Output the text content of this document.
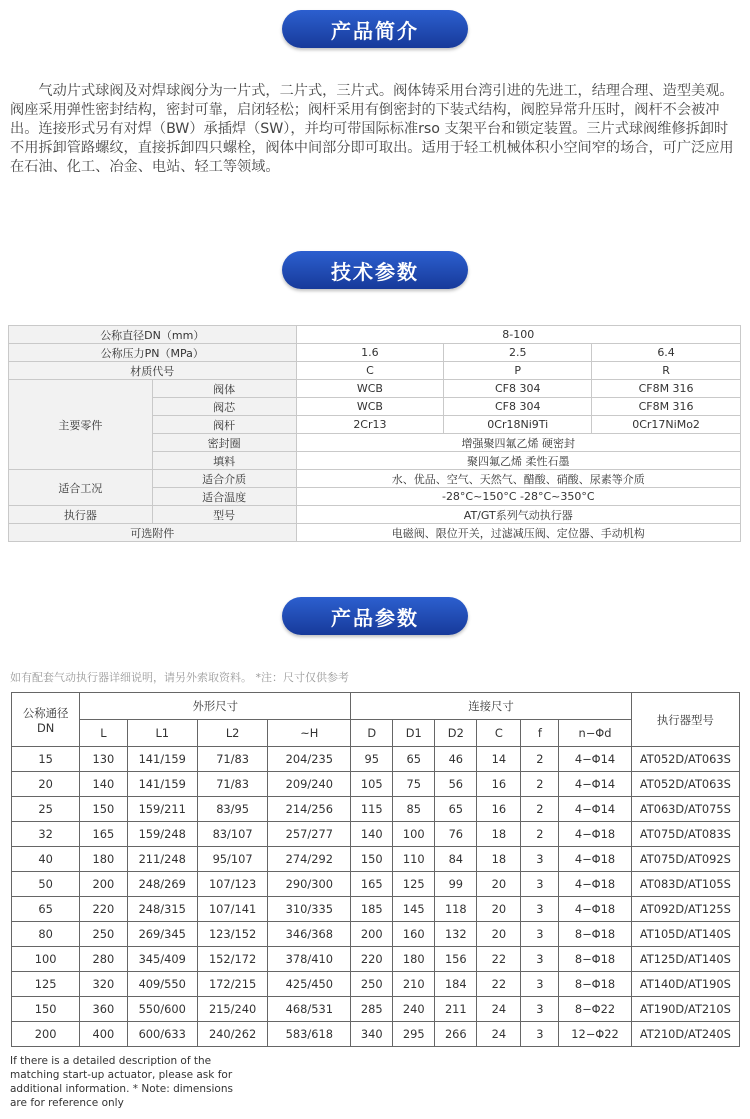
产品简介
气动片式球阀及对焊球阀分为一片式，二片式，三片式。阀体铸采用台湾引进的先进工，结理合理、造型美观。阀座采用弹性密封结构，密封可靠，启闭轻松；阀杆采用有倒密封的下装式结构，阀腔异常升压时，阀杆不会被冲出。连接形式另有对焊（BW）承插焊（SW），并均可带国际标准rso 支架平台和锁定装置。三片式球阀维修拆卸时不用拆卸管路螺纹，直接拆卸四只螺栓，阀体中间部分即可取出。适用于轻工机械体积小空间窄的场合，可广泛应用在石油、化工、冶金、电站、轻工等领域。
技术参数
公称直径DN（mm）		8-100		
公称压力PN（MPa）		1.6	2.5	6.4
材质代号		C	P	R
主要零件	阀体	WCB	CF8 304	CF8M 316
	阀芯	WCB	CF8 304	CF8M 316
	阀杆	2Cr13	0Cr18Ni9Ti	0Cr17NiMo2
	密封圈	增强聚四氟乙烯 硬密封		
	填料	聚四氟乙烯 柔性石墨		
适合工况	适合介质	水、优品、空气、天然气、醋酸、硝酸、尿素等介质		
	适合温度	-28°C~150°C -28°C~350°C		
执行器	型号	AT/GT系列气动执行器		
可选附件		电磁阀、限位开关，过滤减压阀、定位器、手动机构		
产品参数
如有配套气动执行器详细说明，请另外索取资料。 *注：尺寸仅供参考
公称通径
DN	外形尺寸				连接尺寸						执行器型号
	L	L1	L2	~H	D	D1	D2	C	f	n−Φd	
15	130	141/159	71/83	204/235	95	65	46	14	2	4−Φ14	AT052D/AT063S
20	140	141/159	71/83	209/240	105	75	56	16	2	4−Φ14	AT052D/AT063S
25	150	159/211	83/95	214/256	115	85	65	16	2	4−Φ14	AT063D/AT075S
32	165	159/248	83/107	257/277	140	100	76	18	2	4−Φ18	AT075D/AT083S
40	180	211/248	95/107	274/292	150	110	84	18	3	4−Φ18	AT075D/AT092S
50	200	248/269	107/123	290/300	165	125	99	20	3	4−Φ18	AT083D/AT105S
65	220	248/315	107/141	310/335	185	145	118	20	3	4−Φ18	AT092D/AT125S
80	250	269/345	123/152	346/368	200	160	132	20	3	8−Φ18	AT105D/AT140S
100	280	345/409	152/172	378/410	220	180	156	22	3	8−Φ18	AT125D/AT140S
125	320	409/550	172/215	425/450	250	210	184	22	3	8−Φ18	AT140D/AT190S
150	360	550/600	215/240	468/531	285	240	211	24	3	8−Φ22	AT190D/AT210S
200	400	600/633	240/262	583/618	340	295	266	24	3	12−Φ22	AT210D/AT240S
If there is a detailed description of the matching start-up actuator, please ask for additional information. * Note: dimensions are for reference only
